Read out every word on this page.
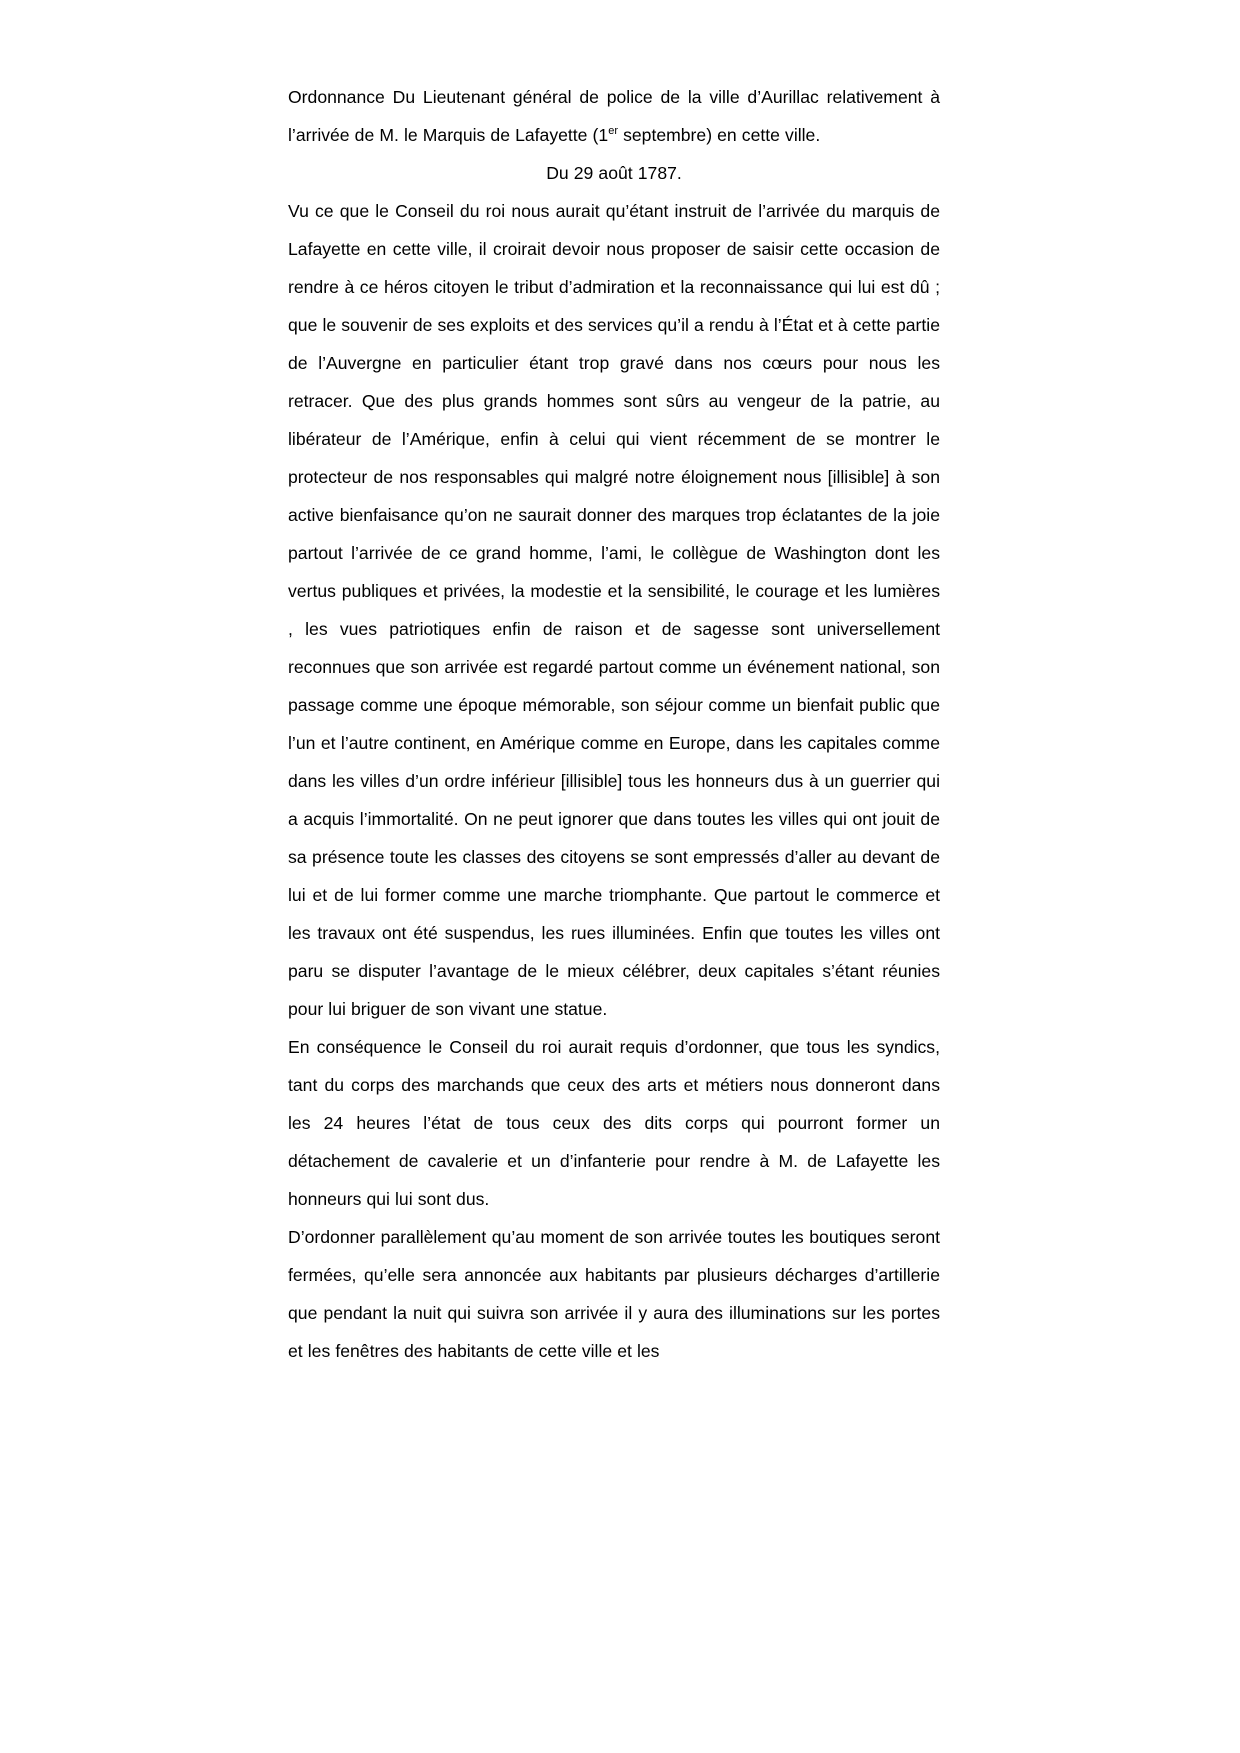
Ordonnance Du Lieutenant général de police de la ville d’Aurillac relativement à l’arrivée de M. le Marquis de Lafayette (1er septembre) en cette ville.

Du 29 août 1787.

Vu ce que le Conseil du roi nous aurait qu’étant instruit de l’arrivée du marquis de Lafayette en cette ville, il croirait devoir nous proposer de saisir cette occasion de rendre à ce héros citoyen le tribut d’admiration et la reconnaissance qui lui est dû ; que le souvenir de ses exploits et des services qu’il a rendu à l’État et à cette partie de l’Auvergne en particulier étant trop gravé dans nos cœurs pour nous les retracer. Que des plus grands hommes sont sûrs au vengeur de la patrie, au libérateur de l’Amérique, enfin à celui qui vient récemment de se montrer le protecteur de nos responsables qui malgré notre éloignement nous [illisible] à son active bienfaisance qu’on ne saurait donner des marques trop éclatantes de la joie partout l’arrivée de ce grand homme, l’ami, le collègue de Washington dont les vertus publiques et privées, la modestie et la sensibilité, le courage et les lumières , les vues patriotiques enfin de raison et de sagesse sont universellement reconnues que son arrivée est regardé partout comme un événement national, son passage comme une époque mémorable, son séjour comme un bienfait public que l’un et l’autre continent, en Amérique comme en Europe, dans les capitales comme dans les villes d’un ordre inférieur [illisible] tous les honneurs dus à un guerrier qui a acquis l’immortalité. On ne peut ignorer que dans toutes les villes qui ont jouit de sa présence toute les classes des citoyens se sont empressés d’aller au devant de lui et de lui former comme une marche triomphante. Que partout le commerce et les travaux ont été suspendus, les rues illuminées. Enfin que toutes les villes ont paru se disputer l’avantage de le mieux célébrer, deux capitales s’étant réunies pour lui briguer de son vivant une statue.

En conséquence le Conseil du roi aurait requis d’ordonner, que tous les syndics, tant du corps des marchands que ceux des arts et métiers nous donneront dans les 24 heures l’état de tous ceux des dits corps qui pourront former un détachement de cavalerie et un d’infanterie pour rendre à M. de Lafayette les honneurs qui lui sont dus.

D’ordonner parallèlement qu’au moment de son arrivée toutes les boutiques seront fermées, qu’elle sera annoncée aux habitants par plusieurs décharges d’artillerie que pendant la nuit qui suivra son arrivée il y aura des illuminations sur les portes et les fenêtres des habitants de cette ville et les
